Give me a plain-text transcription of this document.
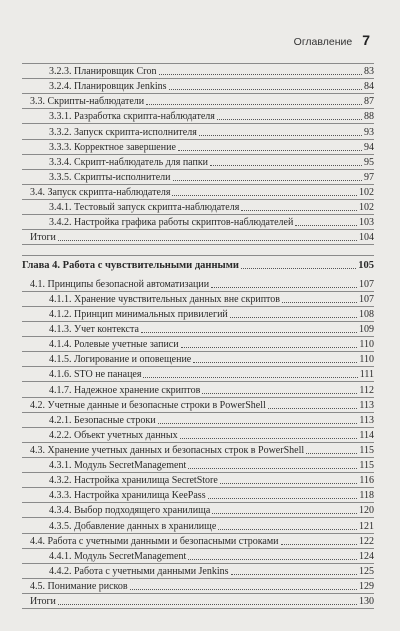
Оглавление 7
3.2.3. Планировщик Cron	83
3.2.4. Планировщик Jenkins	84
3.3. Скрипты-наблюдатели	87
3.3.1. Разработка скрипта-наблюдателя	88
3.3.2. Запуск скрипта-исполнителя	93
3.3.3. Корректное завершение	94
3.3.4. Скрипт-наблюдатель для папки	95
3.3.5. Скрипты-исполнители	97
3.4. Запуск скрипта-наблюдателя	102
3.4.1. Тестовый запуск скрипта-наблюдателя	102
3.4.2. Настройка графика работы скриптов-наблюдателей	103
Итоги	104
Глава 4. Работа с чувствительными данными	105
4.1. Принципы безопасной автоматизации	107
4.1.1. Хранение чувствительных данных вне скриптов	107
4.1.2. Принцип минимальных привилегий	108
4.1.3. Учет контекста	109
4.1.4. Ролевые учетные записи	110
4.1.5. Логирование и оповещение	110
4.1.6. STO не панацея	111
4.1.7. Надежное хранение скриптов	112
4.2. Учетные данные и безопасные строки в PowerShell	113
4.2.1. Безопасные строки	113
4.2.2. Объект учетных данных	114
4.3. Хранение учетных данных и безопасных строк в PowerShell	115
4.3.1. Модуль SecretManagement	115
4.3.2. Настройка хранилища SecretStore	116
4.3.3. Настройка хранилища KeePass	118
4.3.4. Выбор подходящего хранилища	120
4.3.5. Добавление данных в хранилище	121
4.4. Работа с учетными данными и безопасными строками	122
4.4.1. Модуль SecretManagement	124
4.4.2. Работа с учетными данными Jenkins	125
4.5. Понимание рисков	129
Итоги	130
